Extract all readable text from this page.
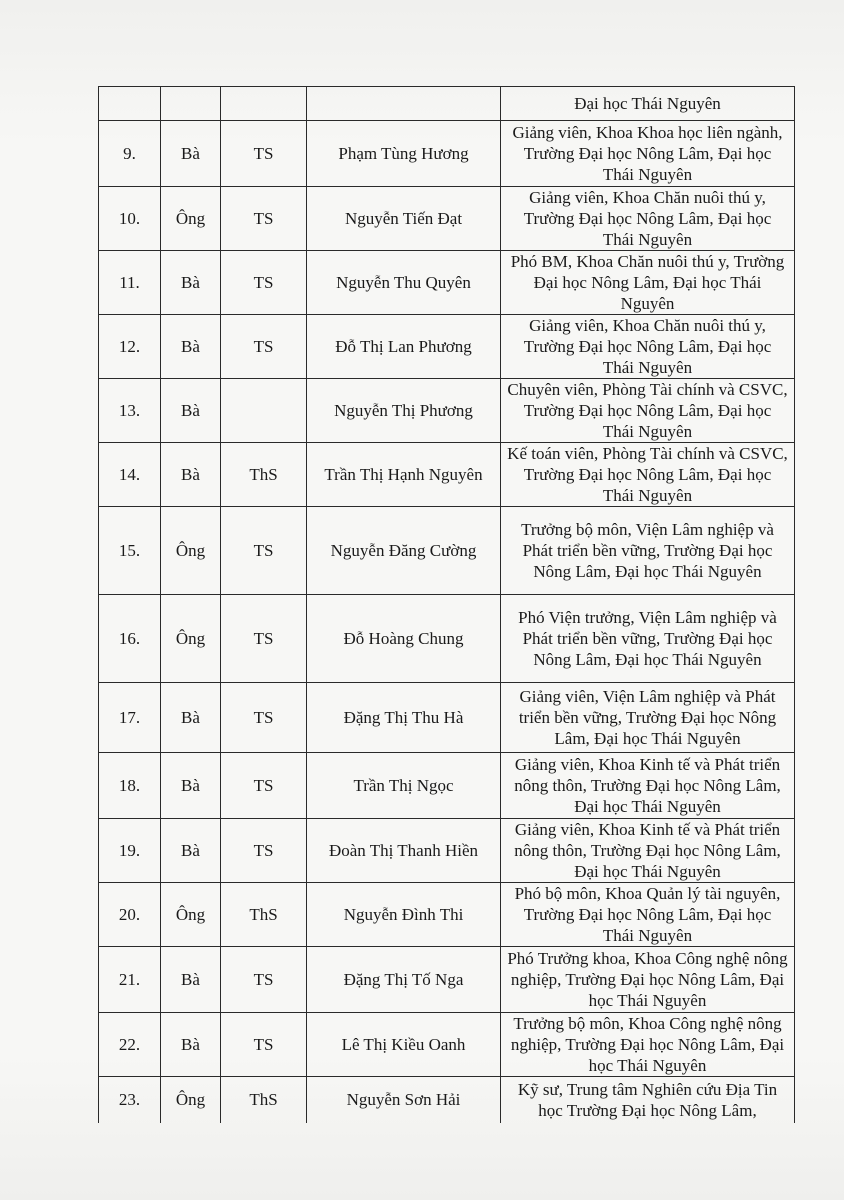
				Đại học Thái Nguyên
9.	Bà	TS	Phạm Tùng Hương	Giảng viên, Khoa Khoa học liên ngành, Trường Đại học Nông Lâm, Đại học Thái Nguyên
10.	Ông	TS	Nguyễn Tiến Đạt	Giảng viên, Khoa Chăn nuôi thú y, Trường Đại học Nông Lâm, Đại học Thái Nguyên
11.	Bà	TS	Nguyễn Thu Quyên	Phó BM, Khoa Chăn nuôi thú y, Trường Đại học Nông Lâm, Đại học Thái Nguyên
12.	Bà	TS	Đỗ Thị Lan Phương	Giảng viên, Khoa Chăn nuôi thú y, Trường Đại học Nông Lâm, Đại học Thái Nguyên
13.	Bà		Nguyễn Thị Phương	Chuyên viên, Phòng Tài chính và CSVC, Trường Đại học Nông Lâm, Đại học Thái Nguyên
14.	Bà	ThS	Trần Thị Hạnh Nguyên	Kế toán viên, Phòng Tài chính và CSVC, Trường Đại học Nông Lâm, Đại học Thái Nguyên
15.	Ông	TS	Nguyễn Đăng Cường	Trưởng bộ môn, Viện Lâm nghiệp và Phát triển bền vững, Trường Đại học Nông Lâm, Đại học Thái Nguyên
16.	Ông	TS	Đỗ Hoàng Chung	Phó Viện trưởng, Viện Lâm nghiệp và Phát triển bền vững, Trường Đại học Nông Lâm, Đại học Thái Nguyên
17.	Bà	TS	Đặng Thị Thu Hà	Giảng viên, Viện Lâm nghiệp và Phát triển bền vững, Trường Đại học Nông Lâm, Đại học Thái Nguyên
18.	Bà	TS	Trần Thị Ngọc	Giảng viên, Khoa Kinh tế và Phát triển nông thôn, Trường Đại học Nông Lâm, Đại học Thái Nguyên
19.	Bà	TS	Đoàn Thị Thanh Hiền	Giảng viên, Khoa Kinh tế và Phát triển nông thôn, Trường Đại học Nông Lâm, Đại học Thái Nguyên
20.	Ông	ThS	Nguyễn Đình Thi	Phó bộ môn, Khoa Quản lý tài nguyên, Trường Đại học Nông Lâm, Đại học Thái Nguyên
21.	Bà	TS	Đặng Thị Tố Nga	Phó Trưởng khoa, Khoa Công nghệ nông nghiệp, Trường Đại học Nông Lâm, Đại học Thái Nguyên
22.	Bà	TS	Lê Thị Kiều Oanh	Trưởng bộ môn, Khoa Công nghệ nông nghiệp, Trường Đại học Nông Lâm, Đại học Thái Nguyên
23.	Ông	ThS	Nguyễn Sơn Hải	Kỹ sư, Trung tâm Nghiên cứu Địa Tin học Trường Đại học Nông Lâm,
